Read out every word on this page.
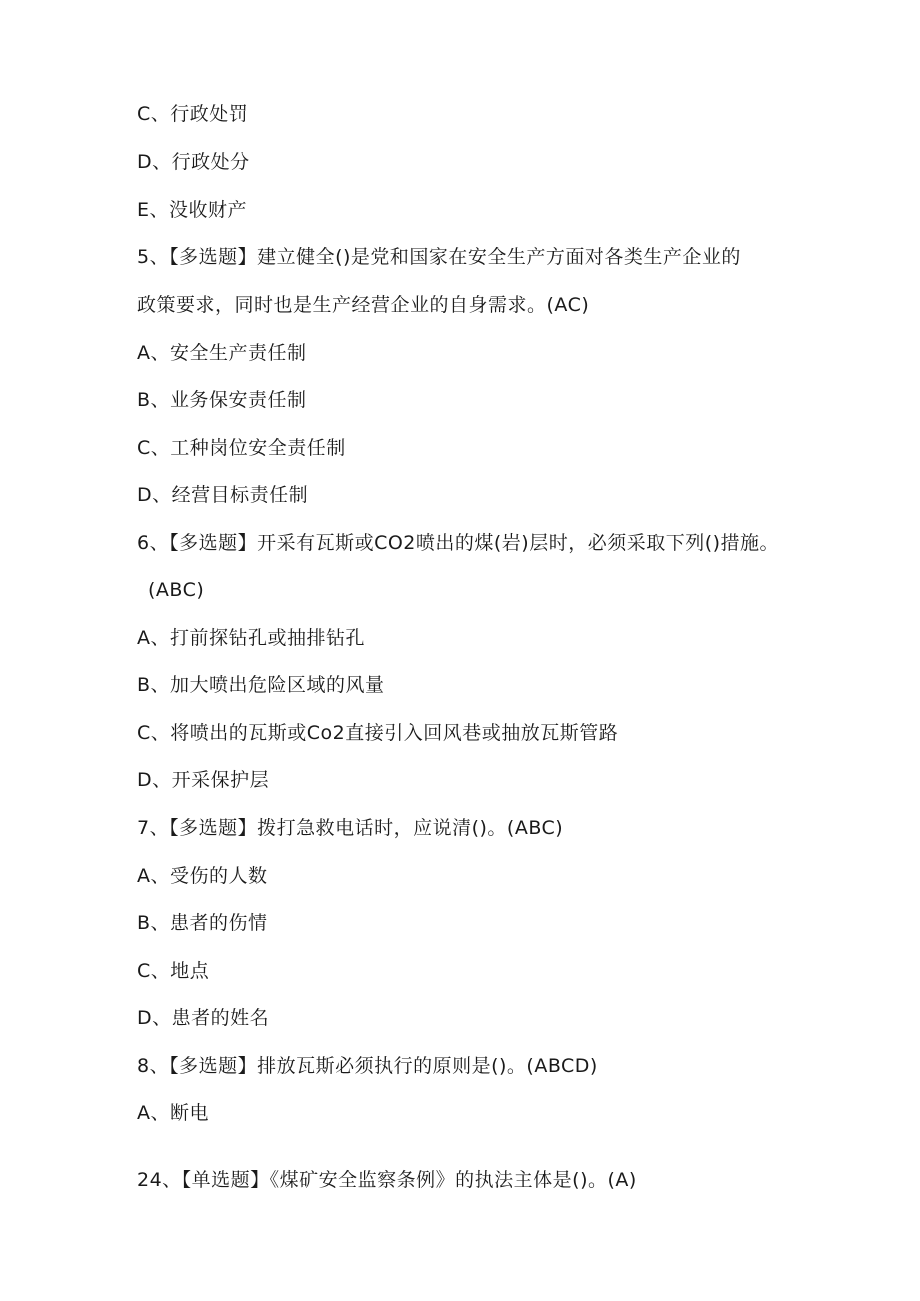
C、行政处罚
D、行政处分
E、没收财产
5、【多选题】建立健全()是党和国家在安全生产方面对各类生产企业的
政策要求，同时也是生产经营企业的自身需求。(AC)
A、安全生产责任制
B、业务保安责任制
C、工种岗位安全责任制
D、经营目标责任制
6、【多选题】开采有瓦斯或CO2喷出的煤(岩)层时，必须采取下列()措施。
(ABC)
A、打前探钻孔或抽排钻孔
B、加大喷出危险区域的风量
C、将喷出的瓦斯或Co2直接引入回风巷或抽放瓦斯管路
D、开采保护层
7、【多选题】拨打急救电话时，应说清()。(ABC)
A、受伤的人数
B、患者的伤情
C、地点
D、患者的姓名
8、【多选题】排放瓦斯必须执行的原则是()。(ABCD)
A、断电
24、【单选题】《煤矿安全监察条例》的执法主体是()。(A)
